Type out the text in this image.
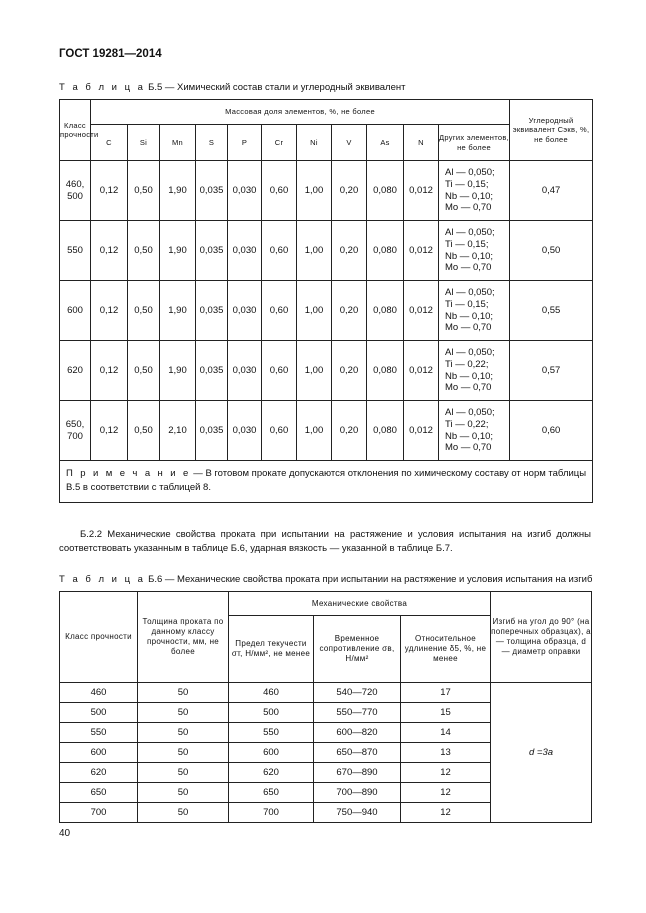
ГОСТ 19281—2014
Т а б л и ц а Б.5 — Химический состав стали и углеродный эквивалент
Класс прочности	Массовая доля элементов, %, не более											Углеродный эквивалент Сэкв, %, не более
	C	Si	Mn	S	P	Cr	Ni	V	As	N	Других элементов, не более	
460, 500	0,12	0,50	1,90	0,035	0,030	0,60	1,00	0,20	0,080	0,012	Al — 0,050;
Ti — 0,15;
Nb — 0,10;
Mo — 0,70	0,47
550	0,12	0,50	1,90	0,035	0,030	0,60	1,00	0,20	0,080	0,012	Al — 0,050;
Ti — 0,15;
Nb — 0,10;
Mo — 0,70	0,50
600	0,12	0,50	1,90	0,035	0,030	0,60	1,00	0,20	0,080	0,012	Al — 0,050;
Ti — 0,15;
Nb — 0,10;
Mo — 0,70	0,55
620	0,12	0,50	1,90	0,035	0,030	0,60	1,00	0,20	0,080	0,012	Al — 0,050;
Ti — 0,22;
Nb — 0,10;
Mo — 0,70	0,57
650, 700	0,12	0,50	2,10	0,035	0,030	0,60	1,00	0,20	0,080	0,012	Al — 0,050;
Ti — 0,22;
Nb — 0,10;
Mo — 0,70	0,60
П р и м е ч а н и е — В готовом прокате допускаются отклонения по химическому составу от норм таблицы В.5 в соответствии с таблицей 8.												
Б.2.2 Механические свойства проката при испытании на растяжение и условия испытания на изгиб должны соответствовать указанным в таблице Б.6, ударная вязкость — указанной в таблице Б.7.
Т а б л и ц а Б.6 — Механические свойства проката при испытании на растяжение и условия испытания на изгиб
Класс прочности	Толщина проката по данному классу прочности, мм, не более	Механические свойства			Изгиб на угол до 90° (на поперечных образцах), a — толщина образца, d — диаметр оправки
		Предел текучести σт, Н/мм², не менее	Временное сопротивление σв, Н/мм²	Относительное удлинение δ5, %, не менее	
460	50	460	540—720	17	d =3a
500	50	500	550—770	15	
550	50	550	600—820	14	
600	50	600	650—870	13	
620	50	620	670—890	12	
650	50	650	700—890	12	
700	50	700	750—940	12	
40
